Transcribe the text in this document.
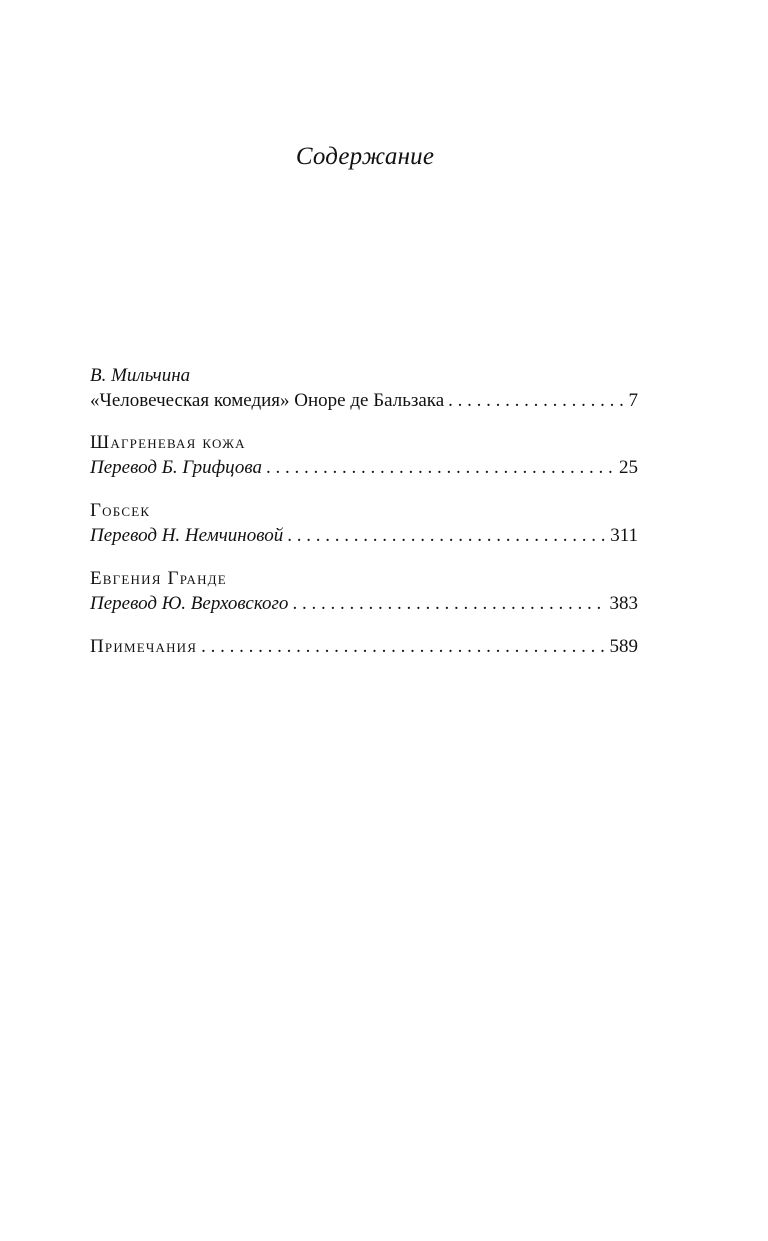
Содержание
В. Мильчина
«Человеческая комедия» Оноре де Бальзака . . .	7
Шагреневая кожа
Перевод Б. Грифцова . . .	25
Гобсек
Перевод Н. Немчиновой . . .	311
Евгения Гранде
Перевод Ю. Верховского . . .	383
Примечания . . .	589
